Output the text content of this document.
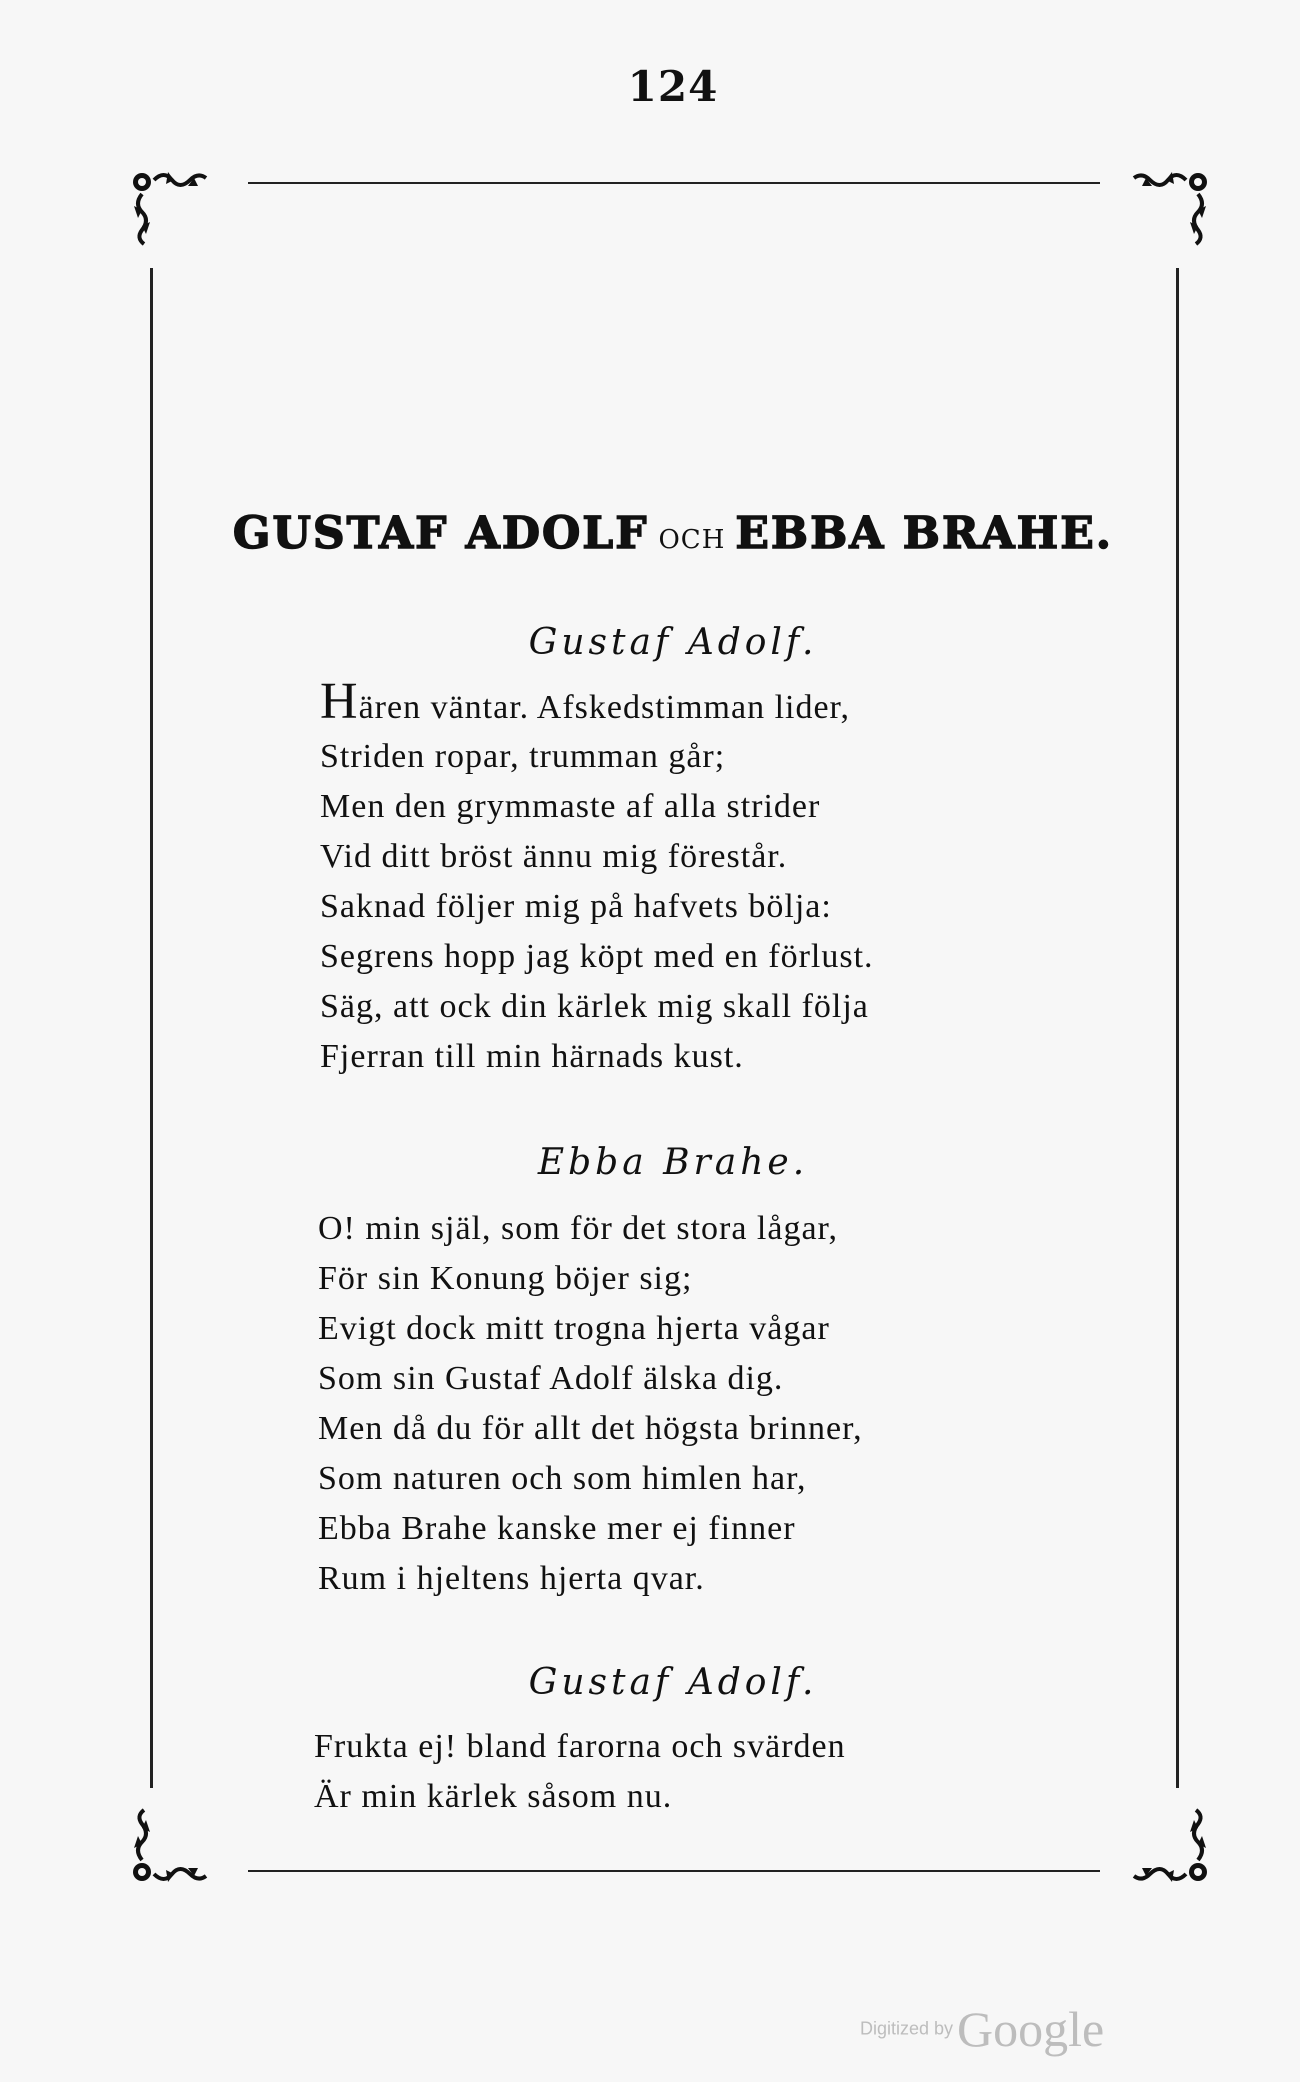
124
GUSTAF ADOLF OCH EBBA BRAHE.
Gustaf Adolf.
Hären väntar. Afskedstimman lider,
Striden ropar, trumman går;
Men den grymmaste af alla strider
Vid ditt bröst ännu mig förestår.
Saknad följer mig på hafvets bölja:
Segrens hopp jag köpt med en förlust.
Säg, att ock din kärlek mig skall följa
Fjerran till min härnads kust.
Ebba Brahe.
O! min själ, som för det stora lågar,
För sin Konung böjer sig;
Evigt dock mitt trogna hjerta vågar
Som sin Gustaf Adolf älska dig.
Men då du för allt det högsta brinner,
Som naturen och som himlen har,
Ebba Brahe kanske mer ej finner
Rum i hjeltens hjerta qvar.
Gustaf Adolf.
Frukta ej! bland farorna och svärden
Är min kärlek såsom nu.
Digitized byGoogle
